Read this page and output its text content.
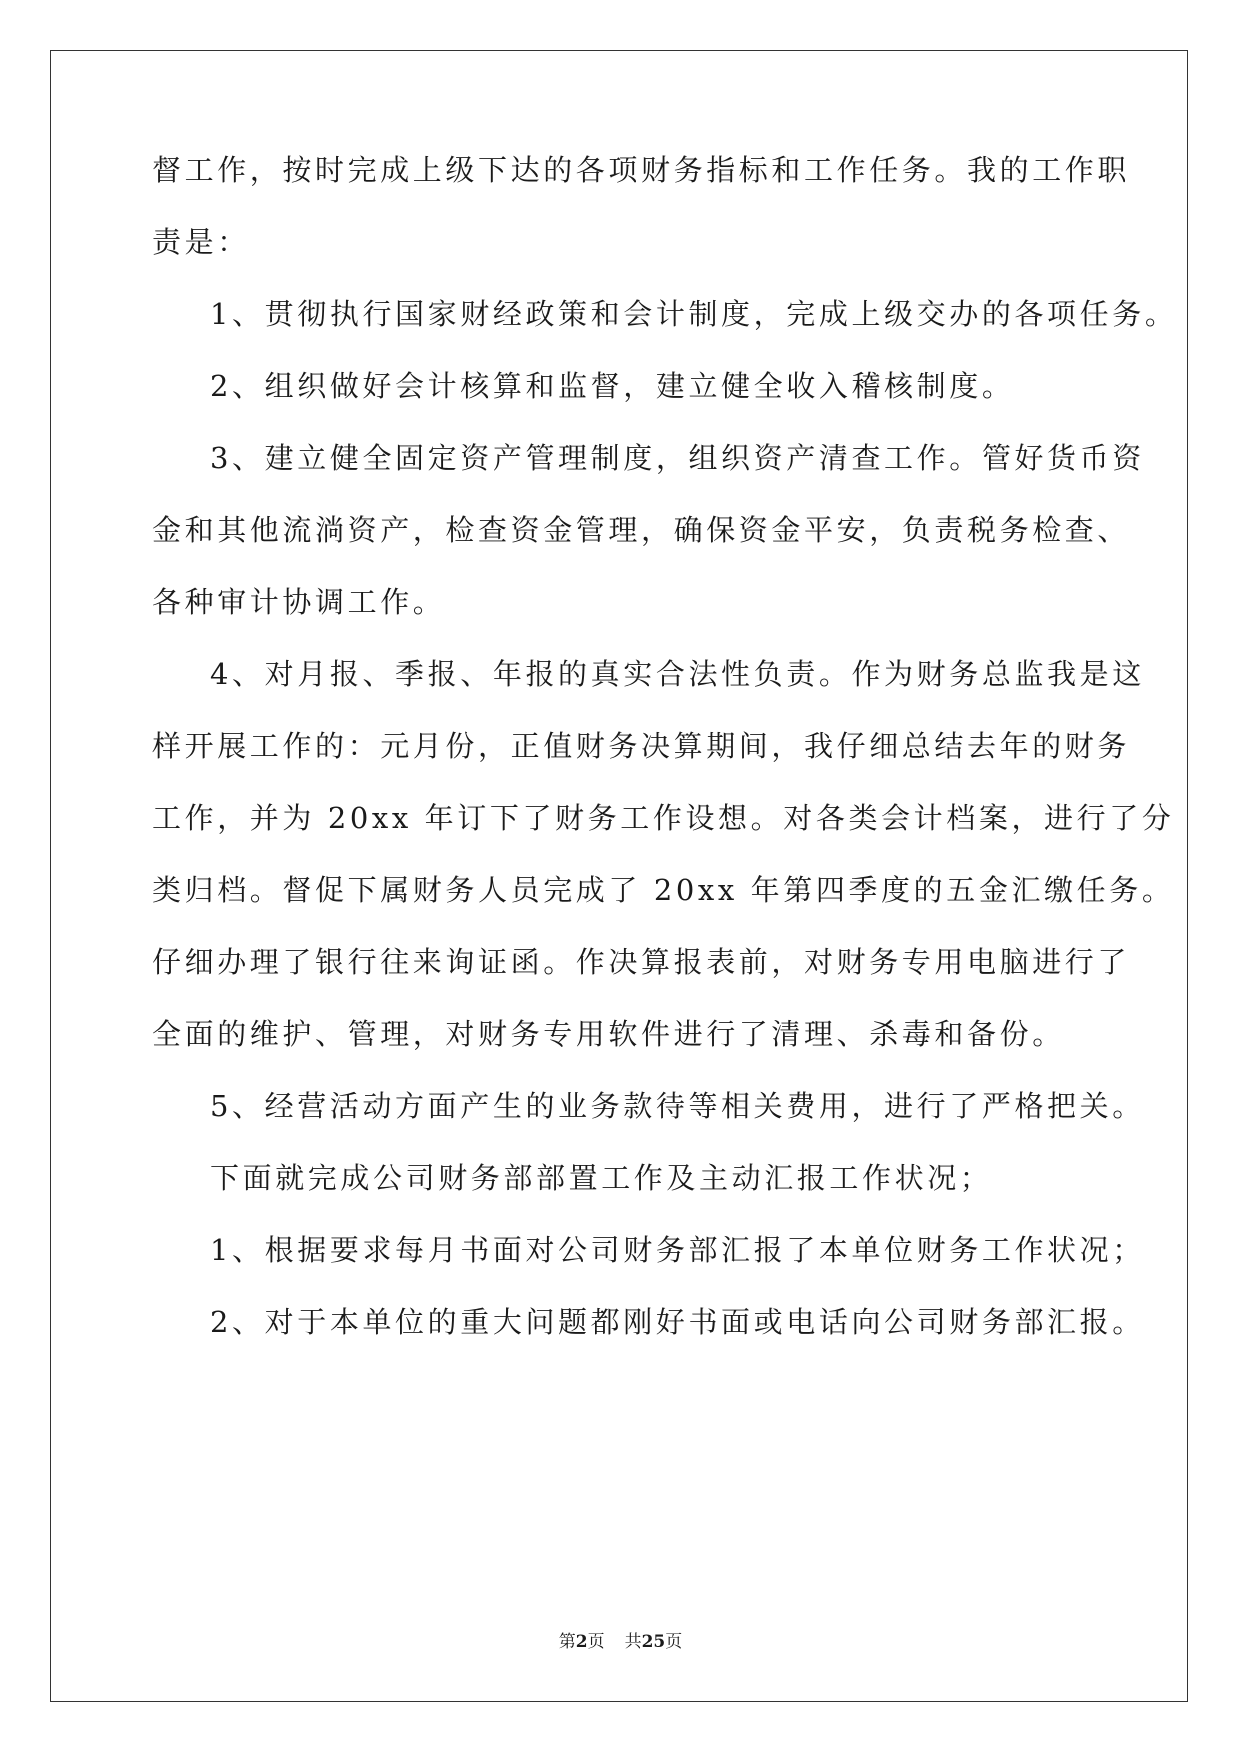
督工作，按时完成上级下达的各项财务指标和工作任务。我的工作职
责是：
1、贯彻执行国家财经政策和会计制度，完成上级交办的各项任务。
2、组织做好会计核算和监督，建立健全收入稽核制度。
3、建立健全固定资产管理制度，组织资产清查工作。管好货币资
金和其他流淌资产，检查资金管理，确保资金平安，负责税务检查、
各种审计协调工作。
4、对月报、季报、年报的真实合法性负责。作为财务总监我是这
样开展工作的：元月份，正值财务决算期间，我仔细总结去年的财务
工作，并为 20xx 年订下了财务工作设想。对各类会计档案，进行了分
类归档。督促下属财务人员完成了 20xx 年第四季度的五金汇缴任务。
仔细办理了银行往来询证函。作决算报表前，对财务专用电脑进行了
全面的维护、管理，对财务专用软件进行了清理、杀毒和备份。
5、经营活动方面产生的业务款待等相关费用，进行了严格把关。
下面就完成公司财务部部置工作及主动汇报工作状况；
1、根据要求每月书面对公司财务部汇报了本单位财务工作状况；
2、对于本单位的重大问题都刚好书面或电话向公司财务部汇报。
第2页 共25页
